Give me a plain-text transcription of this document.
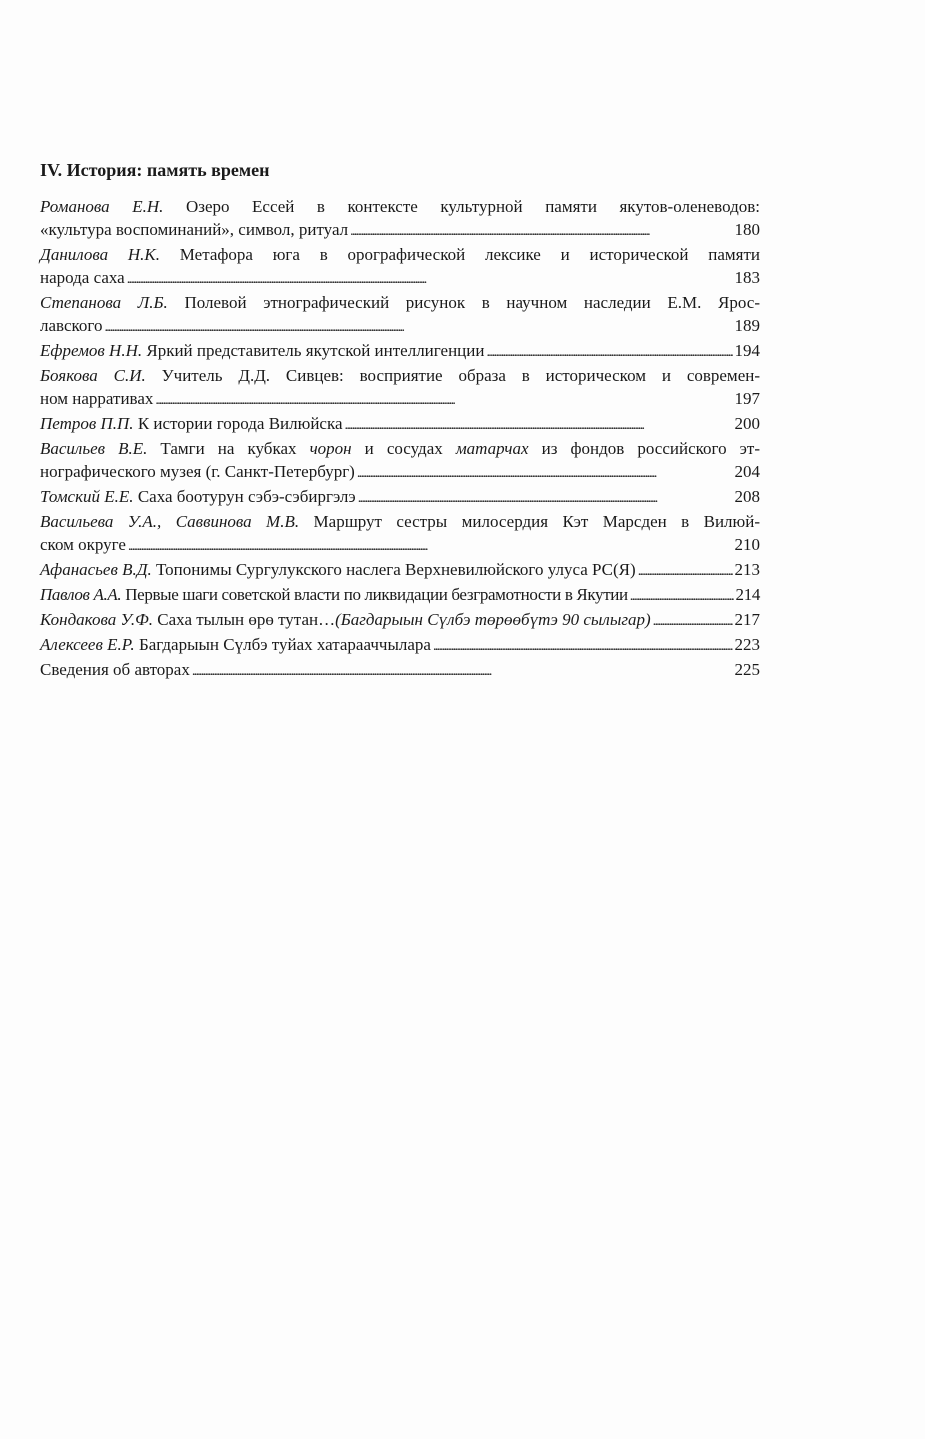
IV. История: память времен
Романова Е.Н. Озеро Ессей в контексте культурной памяти якутов-оленеводов:
«культура воспоминаний», символ, ритуал . . .	180
Данилова Н.К. Метафора юга в орографической лексике и исторической памяти
народа саха . . .	183
Степанова Л.Б. Полевой этнографический рисунок в научном наследии Е.М. Ярос-
лавского . . .	189
Ефремов Н.Н.
Яркий представитель якутской интеллигенции . . .	194
Боякова С.И. Учитель Д.Д. Сивцев: восприятие образа в историческом и современ-
ном нарративах . . .	197
Петров П.П.
К истории города Вилюйска . . .	200
Васильев В.Е. Тамги на кубках чорон и сосудах матарчах из фондов российского эт-
нографического музея (г. Санкт-Петербург) . . .	204
Томский Е.Е.
Саха боотурун сэбэ-сэбиргэлэ . . .	208
Васильева У.А., Саввинова М.В. Маршрут сестры милосердия Кэт Марсден в Вилюй-
ском округе . . .	210
Афанасьев В.Д.
Топонимы Сургулукского наслега Верхневилюйского улуса РС(Я) . . .	213
Павлов А.А.
Первые шаги советской власти по ликвидации безграмотности в Якутии . . .	214
Кондакова У.Ф.
Саха тылын өрө тутан… (Багдарыын Сүлбэ төрөөбүтэ 90 сылыгар) . . .	217
Алексеев Е.Р.
Багдарыын Сүлбэ туйах хатарааччылара . . .	223
Сведения об авторах . . .	225
